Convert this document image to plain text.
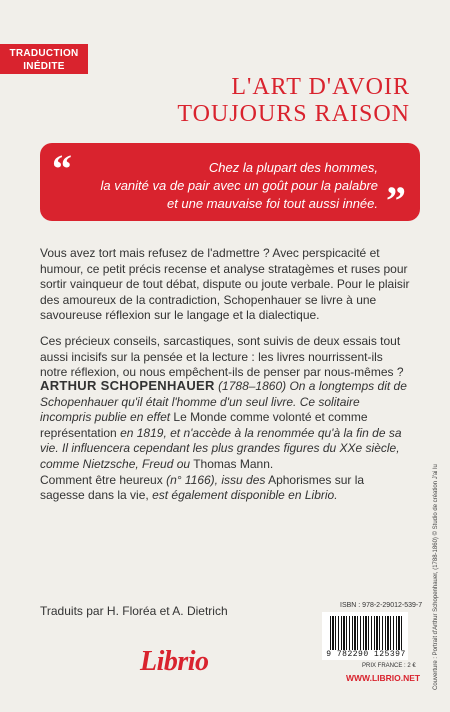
TRADUCTION
INÉDITE
L'ART D'AVOIR
TOUJOURS RAISON
“	Chez la plupart des hommes,
la vanité va de pair avec un goût pour la palabre
et une mauvaise foi tout aussi innée. ”
Vous avez tort mais refusez de l'admettre ? Avec perspicacité et humour, ce petit précis recense et analyse stratagèmes et ruses pour sortir vainqueur de tout débat, dispute ou joute verbale. Pour le plaisir des amoureux de la contradiction, Schopenhauer se livre à une savoureuse réflexion sur le langage et la dialectique.
Ces précieux conseils, sarcastiques, sont suivis de deux essais tout aussi incisifs sur la pensée et la lecture : les livres nourrissent-ils notre réflexion, ou nous empêchent-ils de penser par nous-mêmes ?
ARTHUR SCHOPENHAUER (1788–1860) On a longtemps dit de Schopenhauer qu'il était l'homme d'un seul livre. Ce solitaire incompris publie en effet Le Monde comme volonté et comme représentation en 1819, et n'accède à la renommée qu'à la fin de sa vie. Il influencera cependant les plus grandes figures du XXe siècle, comme Nietzsche, Freud ou Thomas Mann.
Comment être heureux (n° 1166), issu des Aphorismes sur la sagesse dans la vie, est également disponible en Librio.
Traduits par H. Floréa et A. Dietrich
Librio
ISBN : 978-2-29012-539-7
9 782290 125397
PRIX FRANCE : 2 €
WWW.LIBRIO.NET Couverture : Portrait d'Arthur Schopenhauer, (1788-1860) © Studio de création J'ai lu
